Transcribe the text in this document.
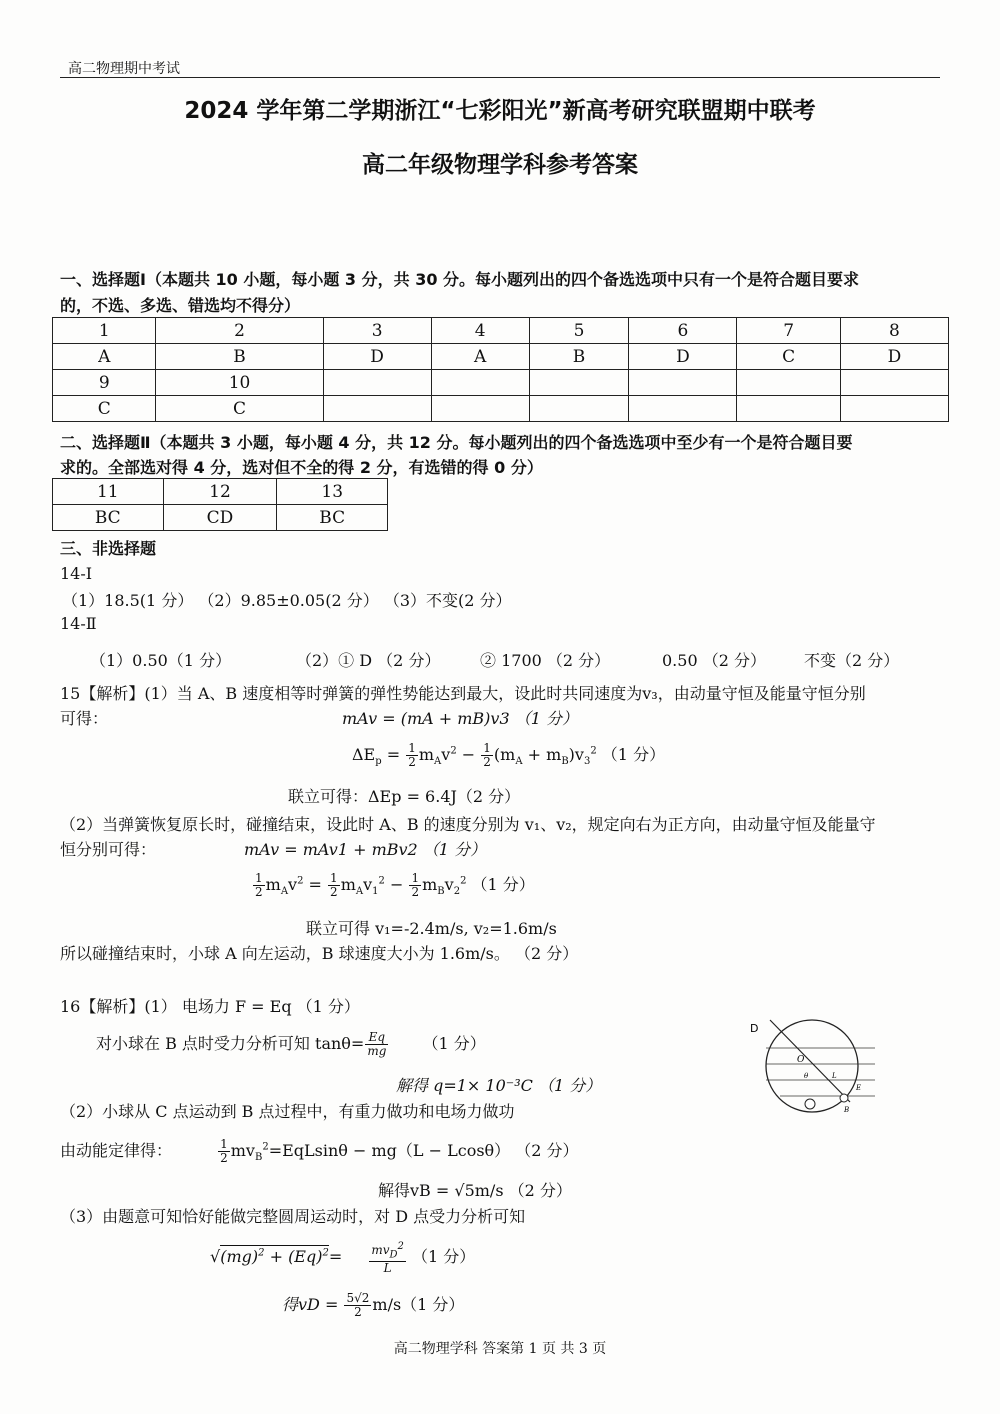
高二物理期中考试
2024 学年第二学期浙江“七彩阳光”新高考研究联盟期中联考
高二年级物理学科参考答案
一、选择题Ⅰ（本题共 10 小题，每小题 3 分，共 30 分。每小题列出的四个备选选项中只有一个是符合题目要求
的，不选、多选、错选均不得分）
1	2	3	4	5	6	7	8
A	B	D	A	B	D	C	D
9	10						
C	C						
二、选择题Ⅱ（本题共 3 小题，每小题 4 分，共 12 分。每小题列出的四个备选选项中至少有一个是符合题目要
求的。全部选对得 4 分，选对但不全的得 2 分，有选错的得 0 分）
11	12	13
BC	CD	BC
三、非选择题
14-Ⅰ
（1）18.5(1 分） （2）9.85±0.05(2 分） （3）不变(2 分）
14-Ⅱ
（1）0.50（1 分）	（2）① D （2 分） ② 1700 （2 分）	0.50 （2 分） 不变（2 分）
15【解析】(1）当 A、B 速度相等时弹簧的弹性势能达到最大，设此时共同速度为v₃，由动量守恒及能量守恒分别
可得：	mAv = (mA + mB)v3 （1 分）
$\Delta E_p = \frac{1}{2} m_Av^2 - \frac{1}{2} (m_A + m_B)v_3^2$ （1 分）
联立可得：ΔEp = 6.4J（2 分）
（2）当弹簧恢复原长时，碰撞结束，设此时 A、B 的速度分别为 v₁、v₂，规定向右为正方向，由动量守恒及能量守
恒分别可得：	mAv = mAv1 + mBv2 （1 分）
$\frac{1}{2} m_Av^2 = \frac{1}{2} m_Av_1^2 - \frac{1}{2} m_Bv_2^2$ （1 分）
联立可得 v₁=-2.4m/s, v₂=1.6m/s
所以碰撞结束时，小球 A 向左运动，B 球速度大小为 1.6m/s。 （2 分）
16【解析】(1） 电场力 F = Eq （1 分）
对小球在 B 点时受力分析可知 $\tan\theta= \frac{Eq}{mg} (1$ 分）
解得 q=1× 10⁻³C （1 分）
（2）小球从 C 点运动到 B 点过程中，有重力做功和电场力做功
由动能定律得：	$\frac{1}{2} mv_B^2=EqLsin\theta - mg(L - Lcos\theta)$ （2 分）
解得vB = √5m/s （2 分）
（3）由题意可知恰好能做完整圆周运动时，对 D 点受力分析可知
$√(mg)^2 + (Eq)^2= \frac{mv_D^2}{L} (1$ 分）
得vD = $\frac{5√2}{2} m/s(1$ 分）
D
O
θ	L
E
B
高二物理学科 答案第 1 页 共 3 页
